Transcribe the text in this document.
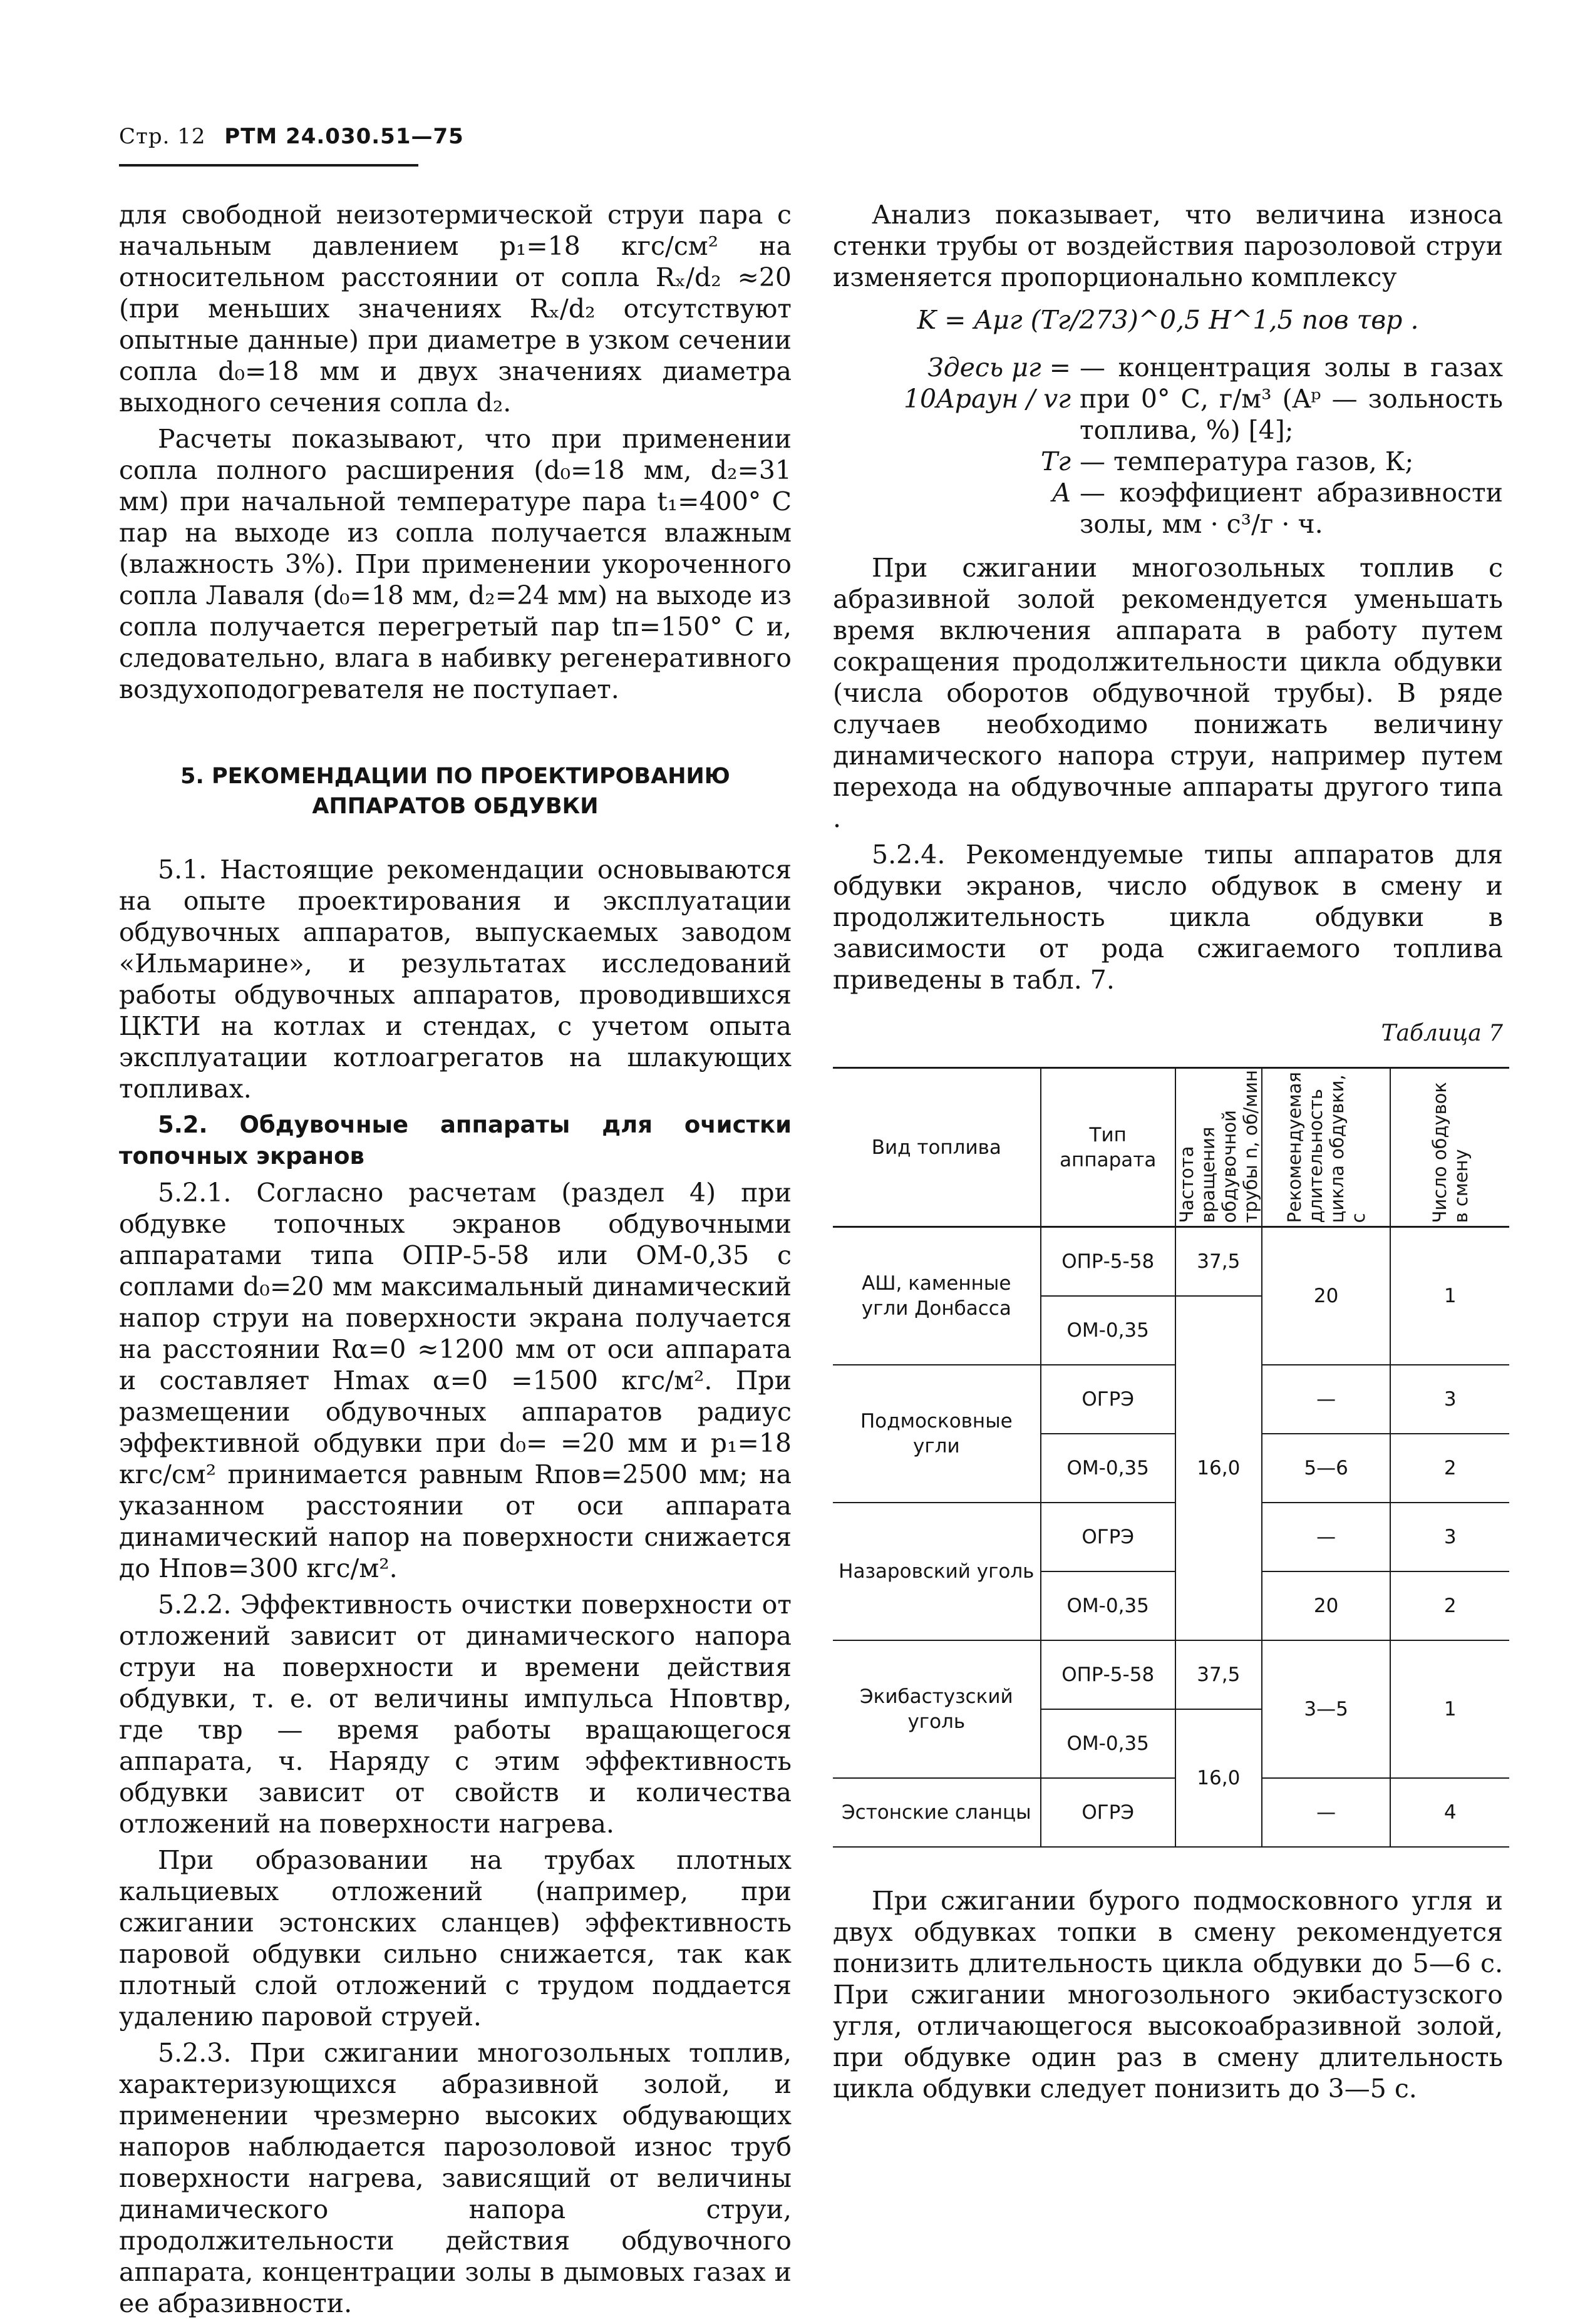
Стр. 12 РТМ 24.030.51—75

для свободной неизотермической струи пара с начальным давлением p₁=18 кгс/см² на относительном расстоянии от сопла Rₓ/d₂ ≈20 (при меньших значениях Rₓ/d₂ отсутствуют опытные данные) при диаметре в узком сечении сопла d₀=18 мм и двух значениях диаметра выходного сечения сопла d₂.

Расчеты показывают, что при применении сопла полного расширения (d₀=18 мм, d₂=31 мм) при начальной температуре пара t₁=400° С пар на выходе из сопла получается влажным (влажность 3%). При применении укороченного сопла Лаваля (d₀=18 мм, d₂=24 мм) на выходе из сопла получается перегретый пар tп=150° С и, следовательно, влага в набивку регенеративного воздухоподогревателя не поступает.

5. РЕКОМЕНДАЦИИ ПО ПРОЕКТИРОВАНИЮ АППАРАТОВ ОБДУВКИ

5.1. Настоящие рекомендации основываются на опыте проектирования и эксплуатации обдувочных аппаратов, выпускаемых заводом «Ильмарине», и результатах исследований работы обдувочных аппаратов, проводившихся ЦКТИ на котлах и стендах, с учетом опыта эксплуатации котлоагрегатов на шлакующих топливах.

5.2. Обдувочные аппараты для очистки топочных экранов

5.2.1. Согласно расчетам (раздел 4) при обдувке топочных экранов обдувочными аппаратами типа ОПР-5-58 или ОМ-0,35 с соплами d₀=20 мм максимальный динамический напор струи на поверхности экрана получается на расстоянии Rα=0 ≈1200 мм от оси аппарата и составляет Hmax α=0 =1500 кгс/м². При размещении обдувочных аппаратов радиус эффективной обдувки при d₀= =20 мм и p₁=18 кгс/см² принимается равным Rпов=2500 мм; на указанном расстоянии от оси аппарата динамический напор на поверхности снижается до Hпов=300 кгс/м².

5.2.2. Эффективность очистки поверхности от отложений зависит от динамического напора струи на поверхности и времени действия обдувки, т. е. от величины импульса Hповτвр, где τвр — время работы вращающегося аппарата, ч. Наряду с этим эффективность обдувки зависит от свойств и количества отложений на поверхности нагрева.

При образовании на трубах плотных кальциевых отложений (например, при сжигании эстонских сланцев) эффективность паровой обдувки сильно снижается, так как плотный слой отложений с трудом поддается удалению паровой струей.

5.2.3. При сжигании многозольных топлив, характеризующихся абразивной золой, и применении чрезмерно высоких обдувающих напоров наблюдается парозоловой износ труб поверхности нагрева, зависящий от величины динамического напора струи, продолжительности действия обдувочного аппарата, концентрации золы в дымовых газах и ее абразивности.

Анализ показывает, что величина износа стенки трубы от воздействия парозоловой струи изменяется пропорционально комплексу

K = Aμг (Tг/273)^0,5 H^1,5 пов τвр .

Здесь μг = 10Apaун / vг
— концентрация золы в газах при 0° С, г/м³ (Aᵖ — зольность топлива, %) [4];
Tг — температура газов, К;
A — коэффициент абразивности золы, мм · с³/г · ч.

При сжигании многозольных топлив с абразивной золой рекомендуется уменьшать время включения аппарата в работу путем сокращения продолжительности цикла обдувки (числа оборотов обдувочной трубы). В ряде случаев необходимо понижать величину динамического напора струи, например путем перехода на обдувочные аппараты другого типа .

5.2.4. Рекомендуемые типы аппаратов для обдувки экранов, число обдувок в смену и продолжительность цикла обдувки в зависимости от рода сжигаемого топлива приведены в табл. 7.

Таблица 7

Вид топлива	Тип аппарата	Частота вращения обдувочной трубы n, об/мин	Рекомендуемая длительность цикла обдувки, с	Число обдувок в смену
АШ, каменные угли Донбасса	ОПР-5-58	37,5	20	1
	ОМ-0,35	16,0		
Подмосковные угли	ОГРЭ		—	3
	ОМ-0,35		5—6	2
Назаровский уголь	ОГРЭ		—	3
	ОМ-0,35		20	2
Экибастузский уголь	ОПР-5-58	37,5	3—5	1
	ОМ-0,35	16,0		
Эстонские сланцы	ОГРЭ		—	4

При сжигании бурого подмосковного угля и двух обдувках топки в смену рекомендуется понизить длительность цикла обдувки до 5—6 с. При сжигании многозольного экибастузского угля, отличающегося высокоабразивной золой, при обдувке один раз в смену длительность цикла обдувки следует понизить до 3—5 с.
